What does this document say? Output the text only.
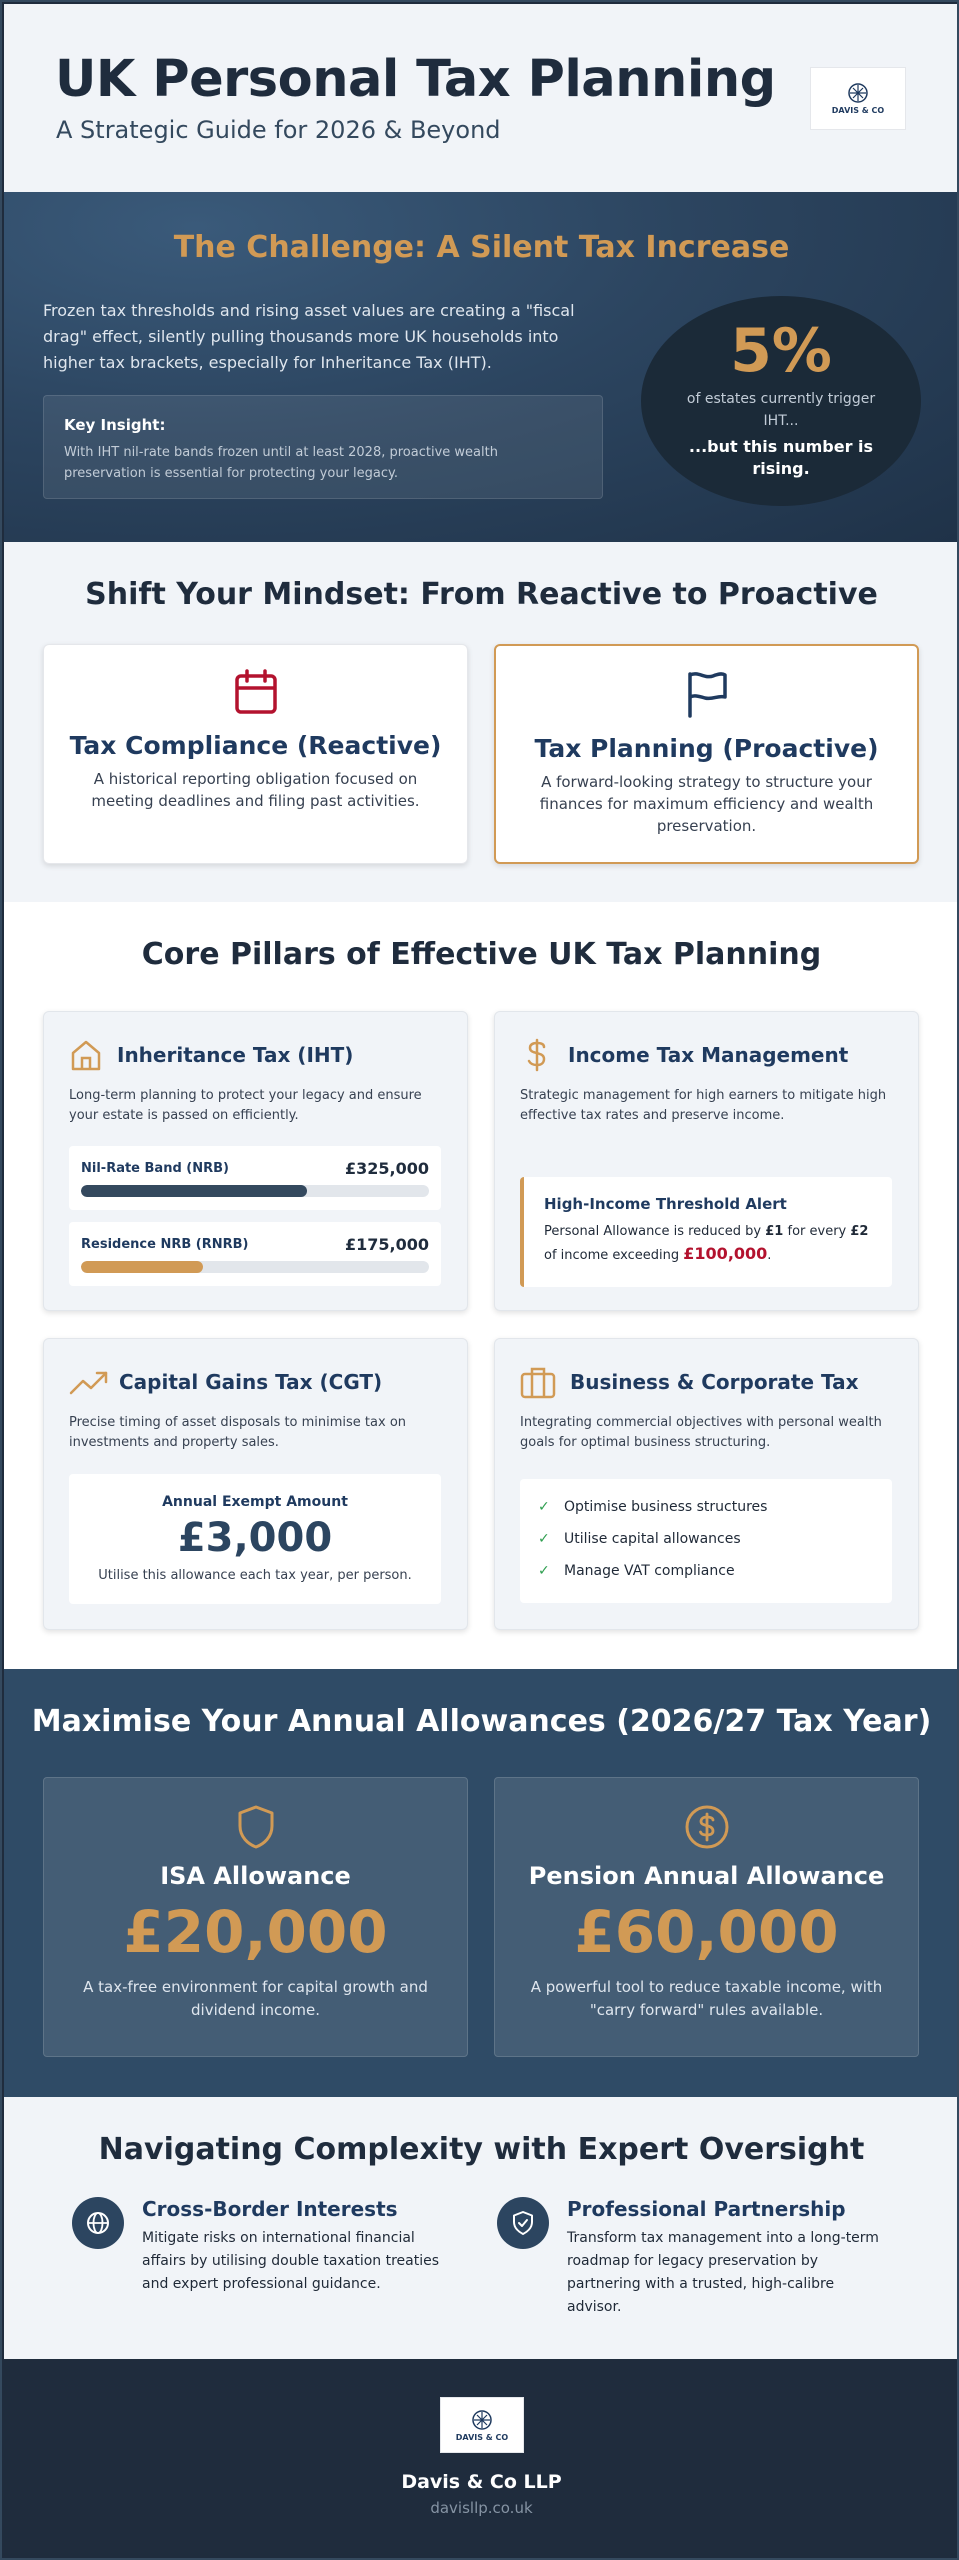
UK Personal Tax Planning
A Strategic Guide for 2026 & Beyond
DAVIS & CO
The Challenge: A Silent Tax Increase
Frozen tax thresholds and rising asset values are creating a "fiscal drag" effect, silently pulling thousands more UK households into higher tax brackets, especially for Inheritance Tax (IHT).
Key Insight:
With IHT nil-rate bands frozen until at least 2028, proactive wealth preservation is essential for protecting your legacy.
5%
of estates currently trigger IHT...
...but this number is rising.
Shift Your Mindset: From Reactive to Proactive
Tax Compliance (Reactive)
A historical reporting obligation focused on meeting deadlines and filing past activities.
Tax Planning (Proactive)
A forward-looking strategy to structure your finances for maximum efficiency and wealth preservation.
Core Pillars of Effective UK Tax Planning
Inheritance Tax (IHT)
Long-term planning to protect your legacy and ensure your estate is passed on efficiently.
Nil-Rate Band (NRB)	£325,000
Residence NRB (RNRB)	£175,000
Income Tax Management
Strategic management for high earners to mitigate high effective tax rates and preserve income.
High-Income Threshold Alert
Personal Allowance is reduced by £1 for every £2 of income exceeding £100,000.
Capital Gains Tax (CGT)
Precise timing of asset disposals to minimise tax on investments and property sales.
Annual Exempt Amount
£3,000
Utilise this allowance each tax year, per person.
Business & Corporate Tax
Integrating commercial objectives with personal wealth goals for optimal business structuring.
✓	Optimise business structures
✓	Utilise capital allowances
✓	Manage VAT compliance
Maximise Your Annual Allowances (2026/27 Tax Year)
ISA Allowance
£20,000
A tax-free environment for capital growth and dividend income.
Pension Annual Allowance
£60,000
A powerful tool to reduce taxable income, with "carry forward" rules available.
Navigating Complexity with Expert Oversight
Cross-Border Interests
Mitigate risks on international financial affairs by utilising double taxation treaties and expert professional guidance.
Professional Partnership
Transform tax management into a long-term roadmap for legacy preservation by partnering with a trusted, high-calibre advisor.
DAVIS & CO
Davis & Co LLP
davisllp.co.uk
